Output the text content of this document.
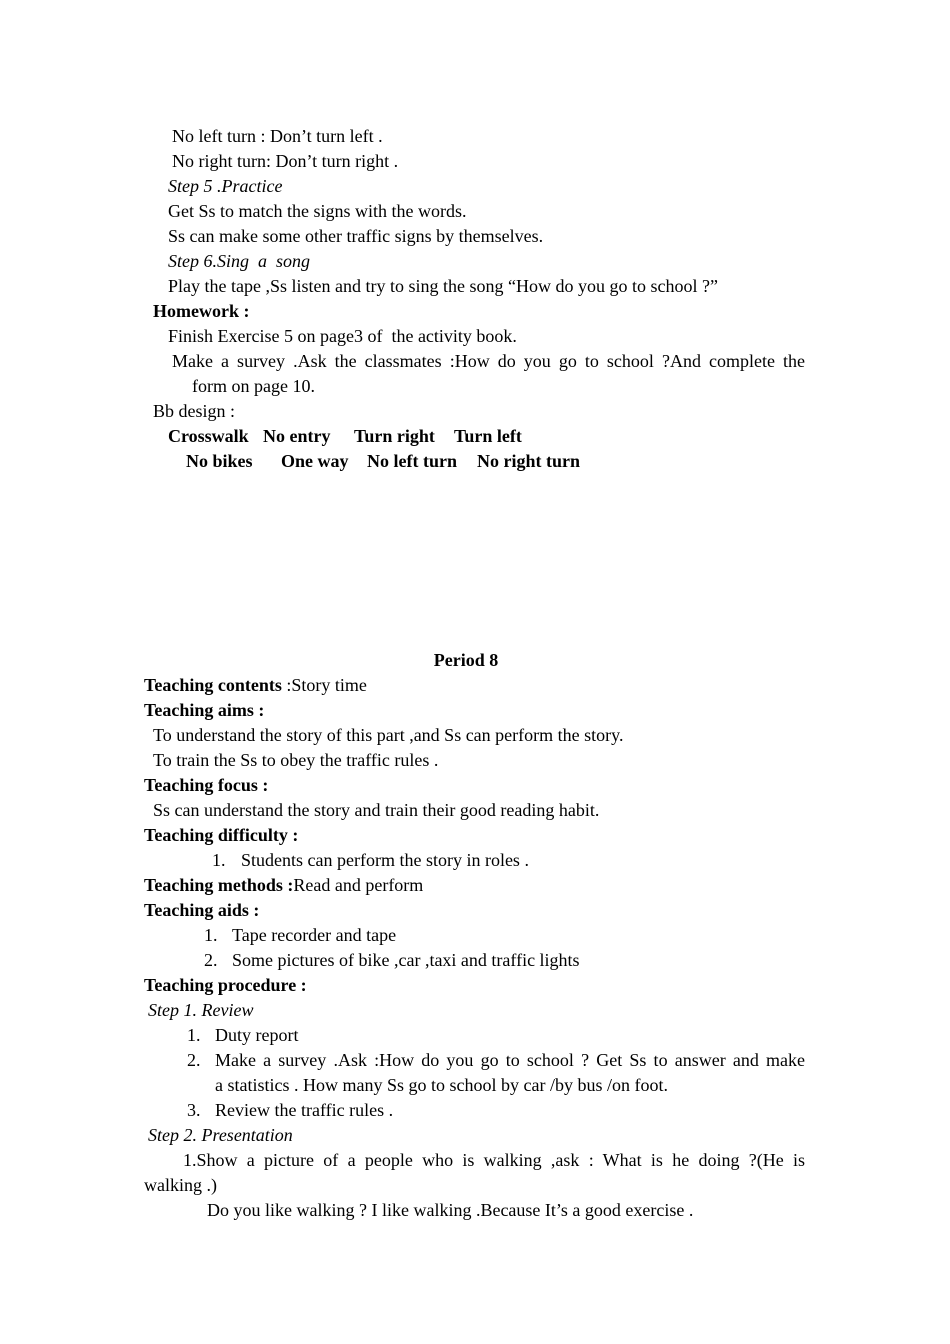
No left turn : Don’t turn left .
No right turn: Don’t turn right .
Step 5 .Practice
Get Ss to match the signs with the words.
Ss can make some other traffic signs by themselves.
Step 6.Sing  a  song
Play the tape ,Ss listen and try to sing the song “How do you go to school ?”
Homework :
Finish Exercise 5 on page3 of  the activity book.
Make a survey .Ask the classmates :How do you go to school ?And complete the
form on page 10.
Bb design :
Crosswalk No entry Turn right Turn left
No bikes One way No left turn No right turn
Period 8
Teaching contents :Story time
Teaching aims :
To understand the story of this part ,and Ss can perform the story.
To train the Ss to obey the traffic rules .
Teaching focus :
Ss can understand the story and train their good reading habit.
Teaching difficulty :
1. Students can perform the story in roles .
Teaching methods :Read and perform
Teaching aids :
1. Tape recorder and tape
2. Some pictures of bike ,car ,taxi and traffic lights
Teaching procedure :
Step 1. Review
1. Duty report
2. Make a survey .Ask :How do you go to school ? Get Ss to answer and make
a statistics . How many Ss go to school by car /by bus /on foot.
3. Review the traffic rules .
Step 2. Presentation
1.Show a picture of a people who is walking ,ask : What is he doing ?(He is
walking .)
Do you like walking ? I like walking .Because It’s a good exercise .
